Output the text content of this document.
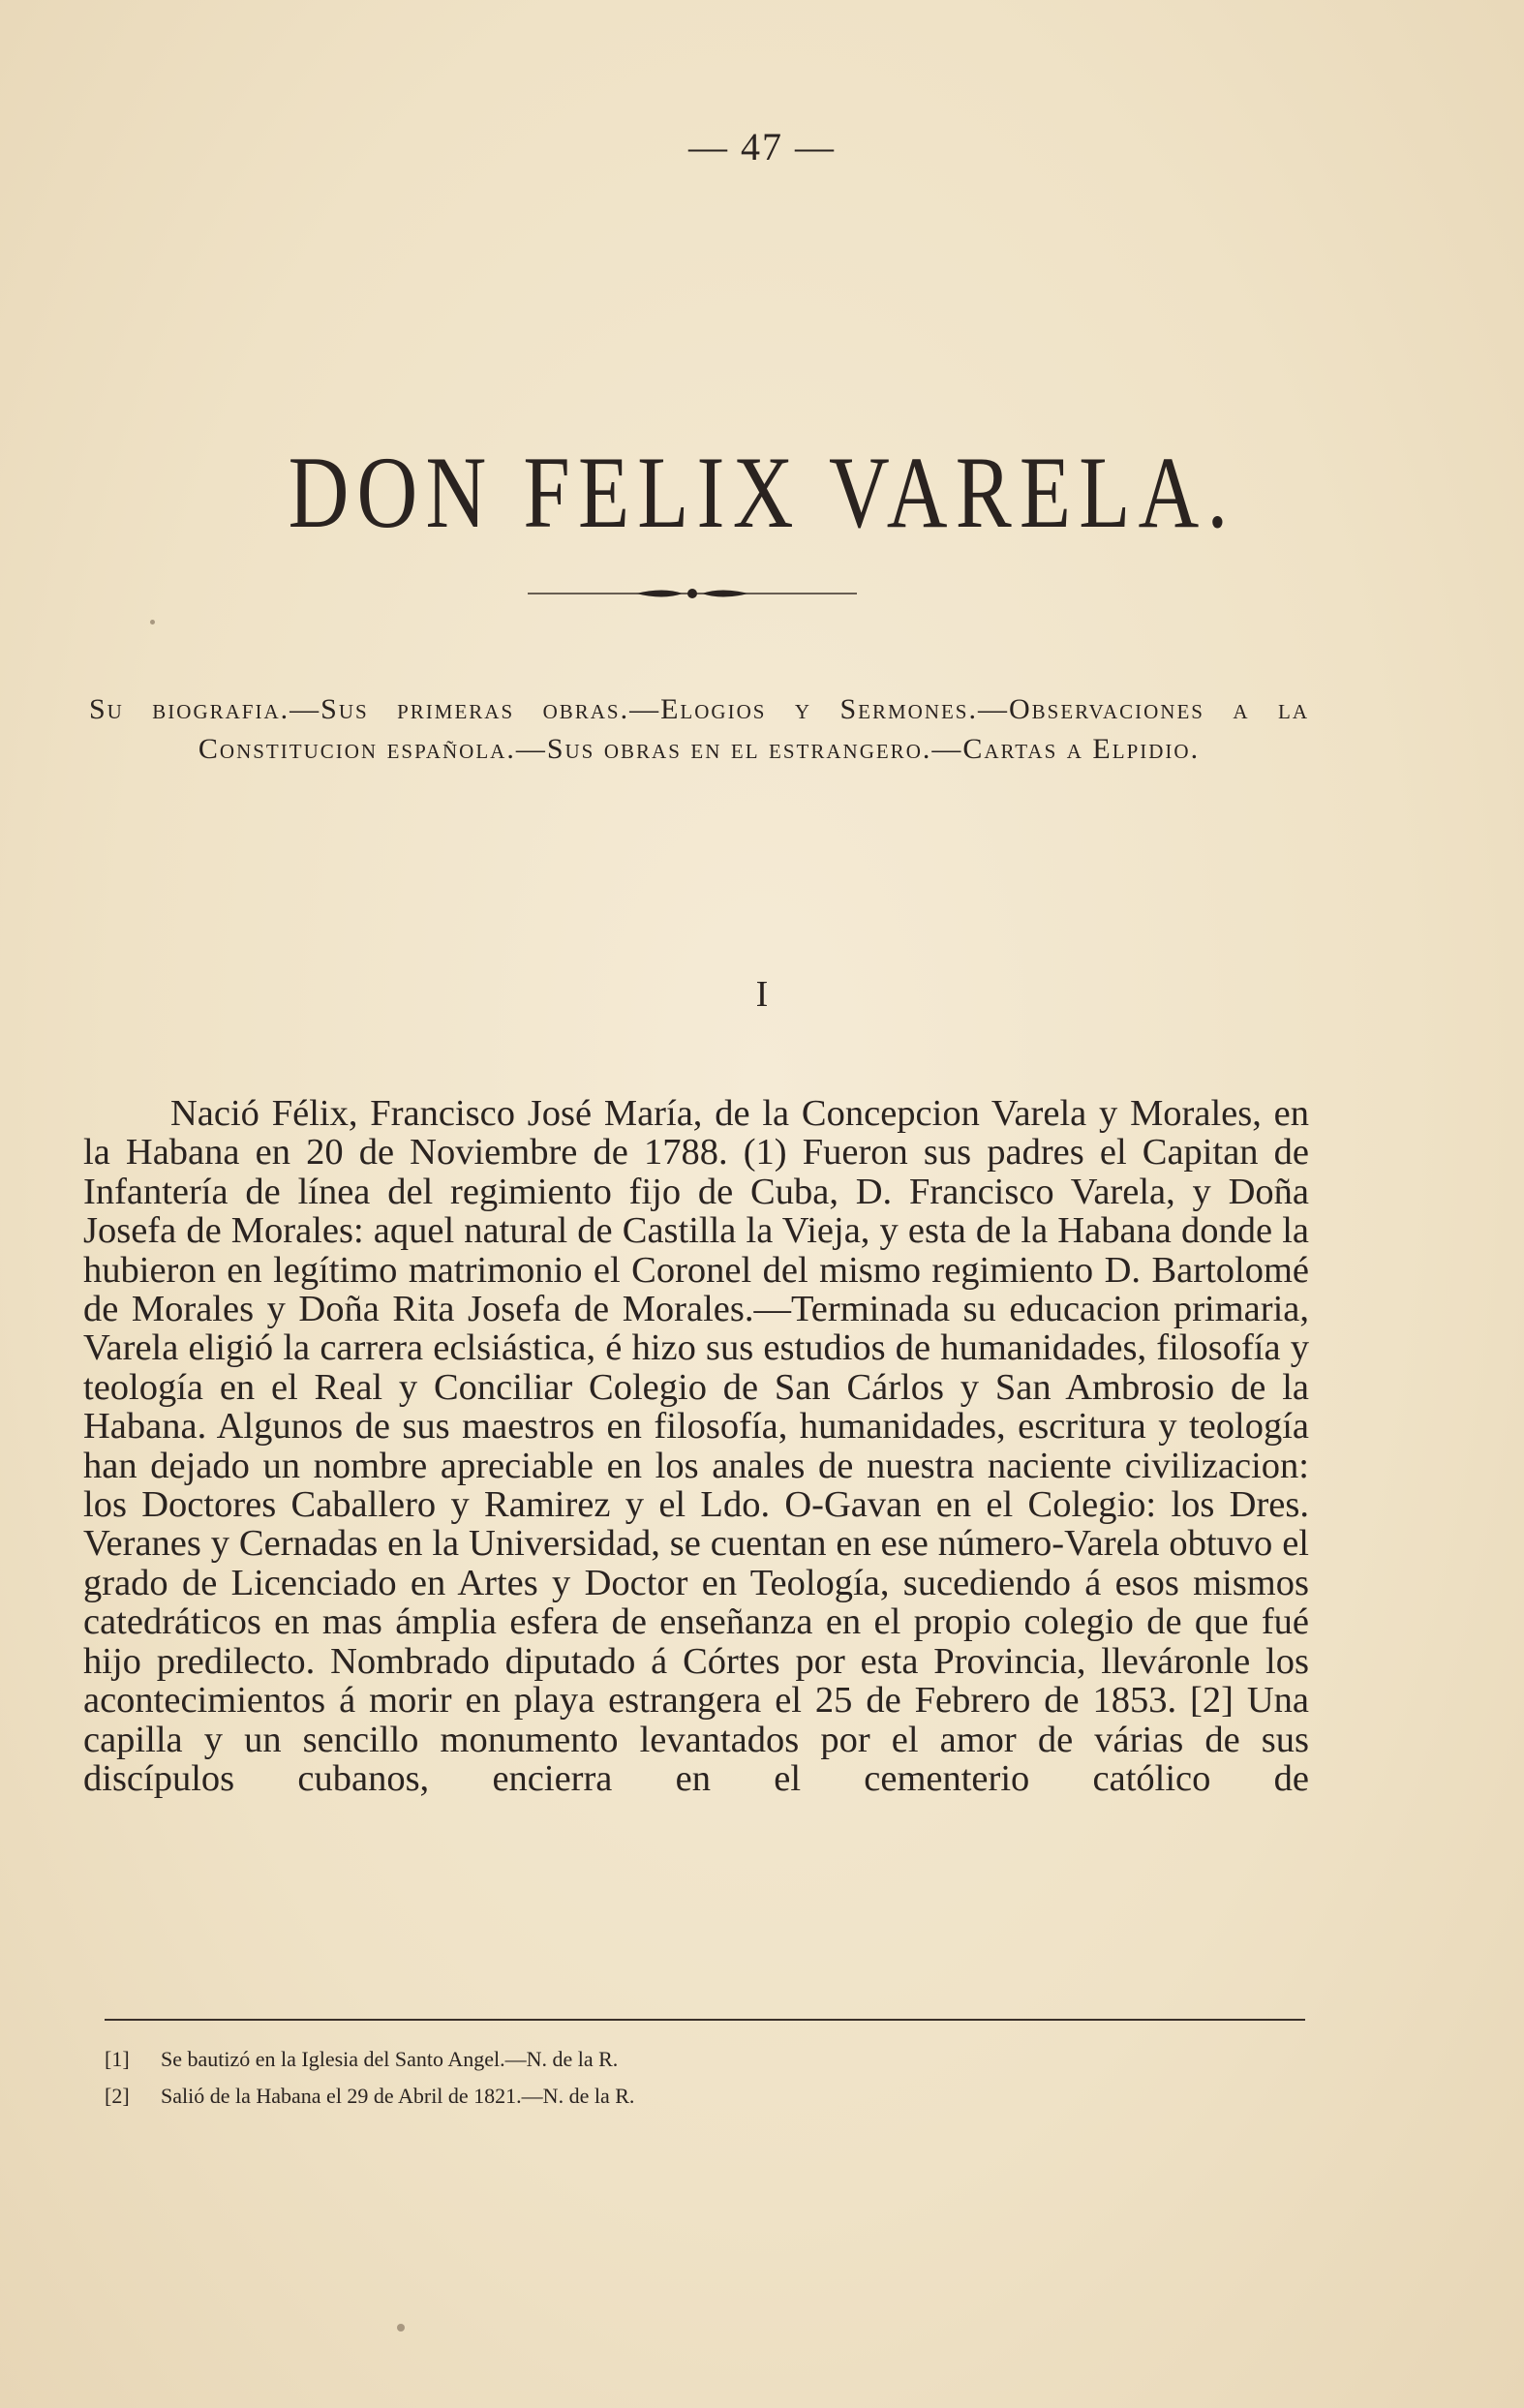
— 47 —
DON FELIX VARELA.
Su biografia.—Sus primeras obras.—Elogios y Sermones.—Observaciones a la Constitucion española.—Sus obras en el estrangero.—Cartas a Elpidio.
I

Nació Félix, Francisco José María, de la Concepcion Varela y Morales, en la Habana en 20 de Noviembre de 1788. (1) Fueron sus padres el Capitan de Infantería de línea del regimiento fijo de Cuba, D. Francisco Varela, y Doña Josefa de Morales: aquel natural de Castilla la Vieja, y esta de la Habana donde la hubieron en legítimo matrimonio el Coronel del mismo regimiento D. Bartolomé de Morales y Doña Rita Josefa de Morales.—Terminada su educacion primaria, Varela eligió la carrera eclsiástica, é hizo sus estudios de humanidades, filosofía y teología en el Real y Conciliar Colegio de San Cárlos y San Ambrosio de la Habana. Algunos de sus maestros en filosofía, humanidades, escritura y teología han dejado un nombre apreciable en los anales de nuestra naciente civilizacion: los Doctores Caballero y Ramirez y el Ldo. O-Gavan en el Colegio: los Dres. Veranes y Cernadas en la Universidad, se cuentan en ese número-Varela obtuvo el grado de Licenciado en Artes y Doctor en Teología, sucediendo á esos mismos catedráticos en mas ámplia esfera de enseñanza en el propio colegio de que fué hijo predilecto. Nombrado diputado á Córtes por esta Provincia, lleváronle los acontecimientos á morir en playa estrangera el 25 de Febrero de 1853. [2] Una capilla y un sencillo monumento levantados por el amor de várias de sus discípulos cubanos, encierra en el cementerio católico de

[1] Se bautizó en la Iglesia del Santo Angel.—N. de la R.
[2] Salió de la Habana el 29 de Abril de 1821.—N. de la R.
